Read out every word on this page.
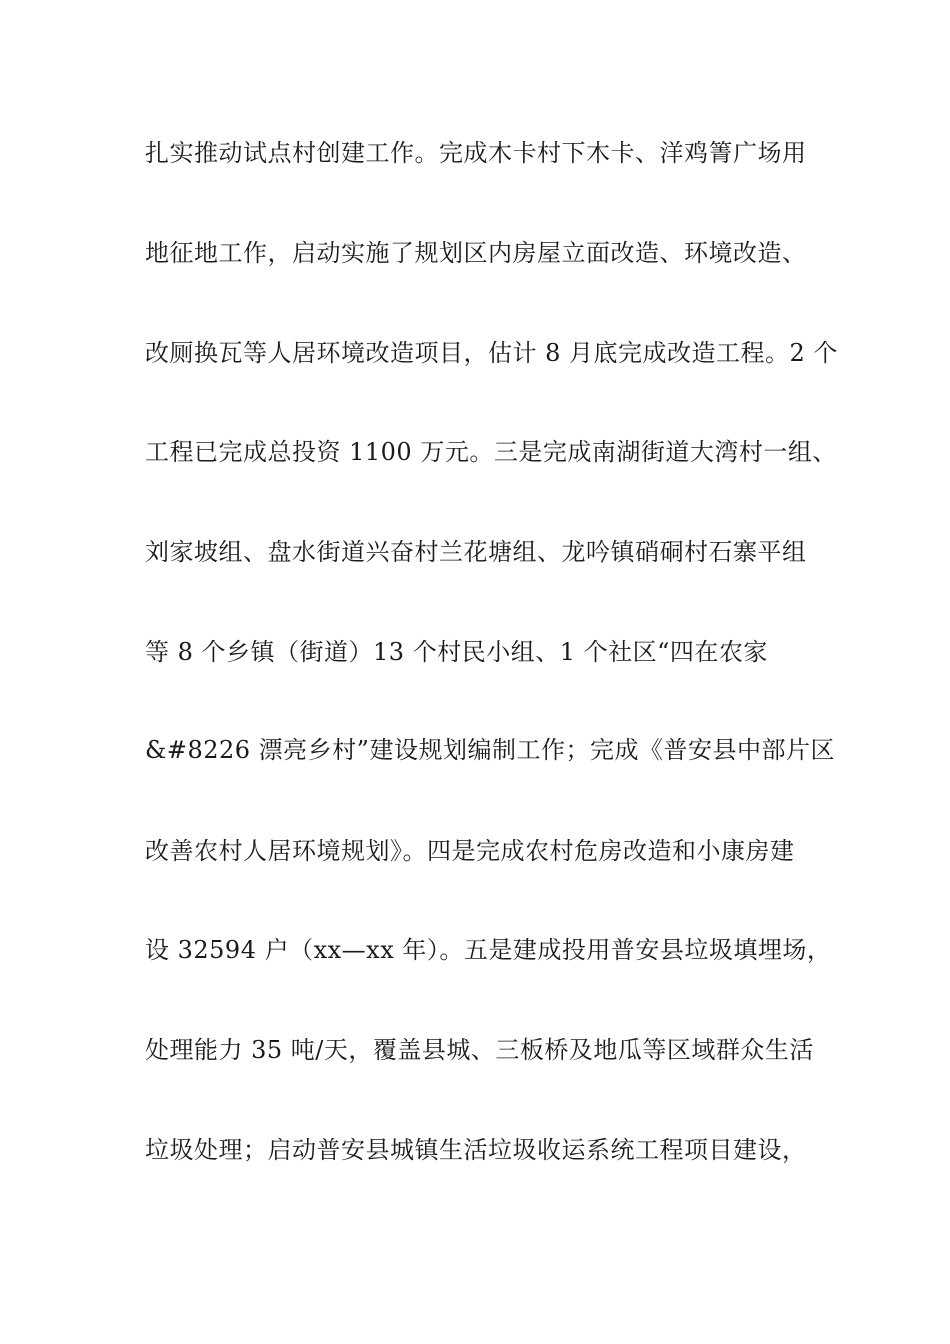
扎实推动试点村创建工作。完成木卡村下木卡、洋鸡箐广场用
地征地工作，启动实施了规划区内房屋立面改造、环境改造、
改厕换瓦等人居环境改造项目，估计 8 月底完成改造工程。2 个
工程已完成总投资 1100 万元。三是完成南湖街道大湾村一组、
刘家坡组、盘水街道兴奋村兰花塘组、龙吟镇硝硐村石寨平组
等 8 个乡镇（街道）13 个村民小组、1 个社区“四在农家
&#8226 漂亮乡村”建设规划编制工作；完成《普安县中部片区
改善农村人居环境规划》。四是完成农村危房改造和小康房建
设 32594 户（xx—xx 年）。五是建成投用普安县垃圾填埋场，
处理能力 35 吨/天，覆盖县城、三板桥及地瓜等区域群众生活
垃圾处理；启动普安县城镇生活垃圾收运系统工程项目建设，
